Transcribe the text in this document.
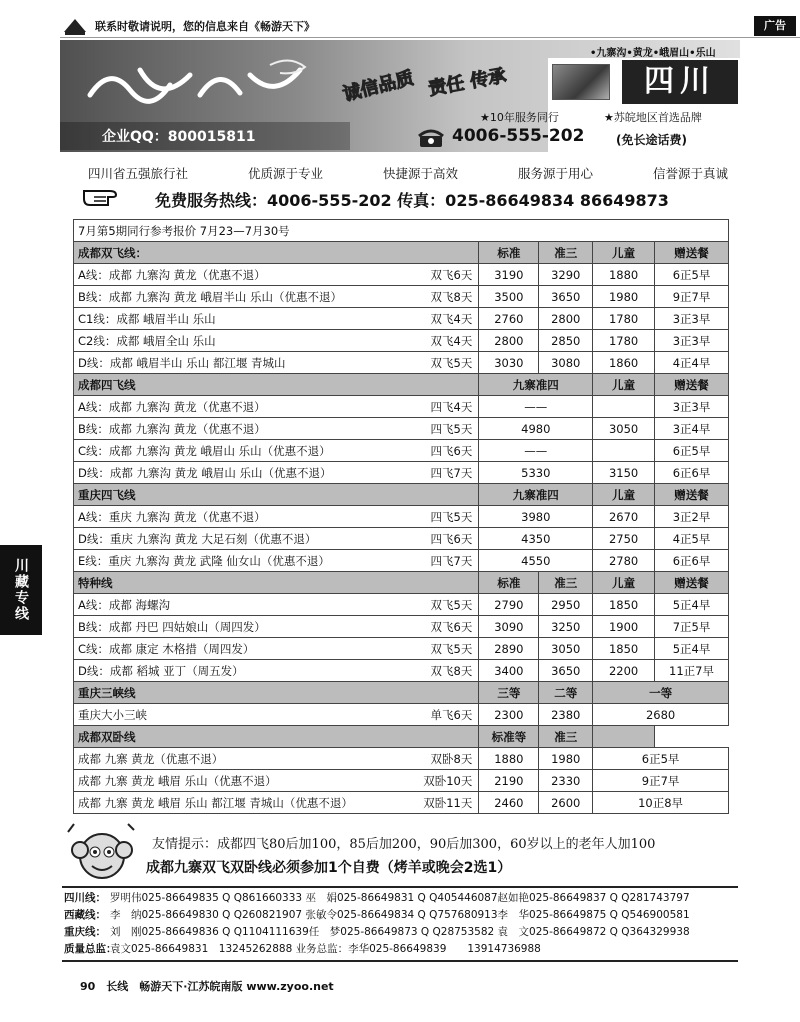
联系时敬请说明，您的信息来自《畅游天下》	广告
•九寨沟•黄龙•峨眉山•乐山
企业QQ：800015811
诚信品质 责任 传承	四川
★10年服务同行	★苏皖地区首选品牌
4006-555-202	(免长途话费)
四川省五强旅行社	优质源于专业	快捷源于高效	服务源于用心	信誉源于真诚
免费服务热线：4006-555-202 传真：025-86649834 86649873
7月第5期同行参考报价 7月23—7月30号				
成都双飞线：	标准	准三	儿童	赠送餐
A线：成都 九寨沟 黄龙（优惠不退） 双飞6天	3190	3290	1880	6正5早
B线：成都 九寨沟 黄龙 峨眉半山 乐山（优惠不退） 双飞8天	3500	3650	1980	9正7早
C1线：成都 峨眉半山 乐山 双飞4天	2760	2800	1780	3正3早
C2线：成都 峨眉全山 乐山 双飞4天	2800	2850	1780	3正3早
D线：成都 峨眉半山 乐山 都江堰 青城山 双飞5天	3030	3080	1860	4正4早
成都四飞线	九寨准四		儿童	赠送餐
A线：成都 九寨沟 黄龙（优惠不退） 四飞4天	——			3正3早
B线：成都 九寨沟 黄龙（优惠不退） 四飞5天	4980		3050	3正4早
C线：成都 九寨沟 黄龙 峨眉山 乐山（优惠不退） 四飞6天	——			6正5早
D线：成都 九寨沟 黄龙 峨眉山 乐山（优惠不退） 四飞7天	5330		3150	6正6早
重庆四飞线	九寨准四		儿童	赠送餐
A线：重庆 九寨沟 黄龙（优惠不退） 四飞5天	3980		2670	3正2早
D线：重庆 九寨沟 黄龙 大足石刻（优惠不退） 四飞6天	4350		2750	4正5早
E线：重庆 九寨沟 黄龙 武隆 仙女山（优惠不退） 四飞7天	4550		2780	6正6早
特种线	标准	准三	儿童	赠送餐
A线：成都 海螺沟 双飞5天	2790	2950	1850	5正4早
B线：成都 丹巴 四姑娘山（周四发） 双飞6天	3090	3250	1900	7正5早
C线：成都 康定 木格措（周四发） 双飞5天	2890	3050	1850	5正4早
D线：成都 稻城 亚丁（周五发） 双飞8天	3400	3650	2200	11正7早
重庆三峡线	三等	二等	一等	
重庆大小三峡 单飞6天	2300	2380	2680	
成都双卧线	标准等	准三		
成都 九寨 黄龙（优惠不退） 双卧8天	1880	1980	6正5早	
成都 九寨 黄龙 峨眉 乐山（优惠不退） 双卧10天	2190	2330	9正7早	
成都 九寨 黄龙 峨眉 乐山 都江堰 青城山（优惠不退） 双卧11天	2460	2600	10正8早	
川藏专线
友情提示：成都四飞80后加100，85后加200，90后加300，60岁以上的老年人加100
成都九寨双飞双卧线必须参加1个自费（烤羊或晚会2选1）
四川线： 罗明伟025-86649835 Q Q861660333 巫　娟025-86649831 Q Q405446087赵如艳025-86649837 Q Q281743797
西藏线： 李　纳025-86649830 Q Q260821907 张敏令025-86649834 Q Q757680913李　华025-86649875 Q Q546900581
重庆线： 刘　刚025-86649836 Q Q1104111639任　梦025-86649873 Q Q28753582 袁　文025-86649872 Q Q364329938
质量总监：袁文025-86649831　13245262888 业务总监：李华025-86649839　　13914736988
90　长线　畅游天下·江苏皖南版 www.zyoo.net
